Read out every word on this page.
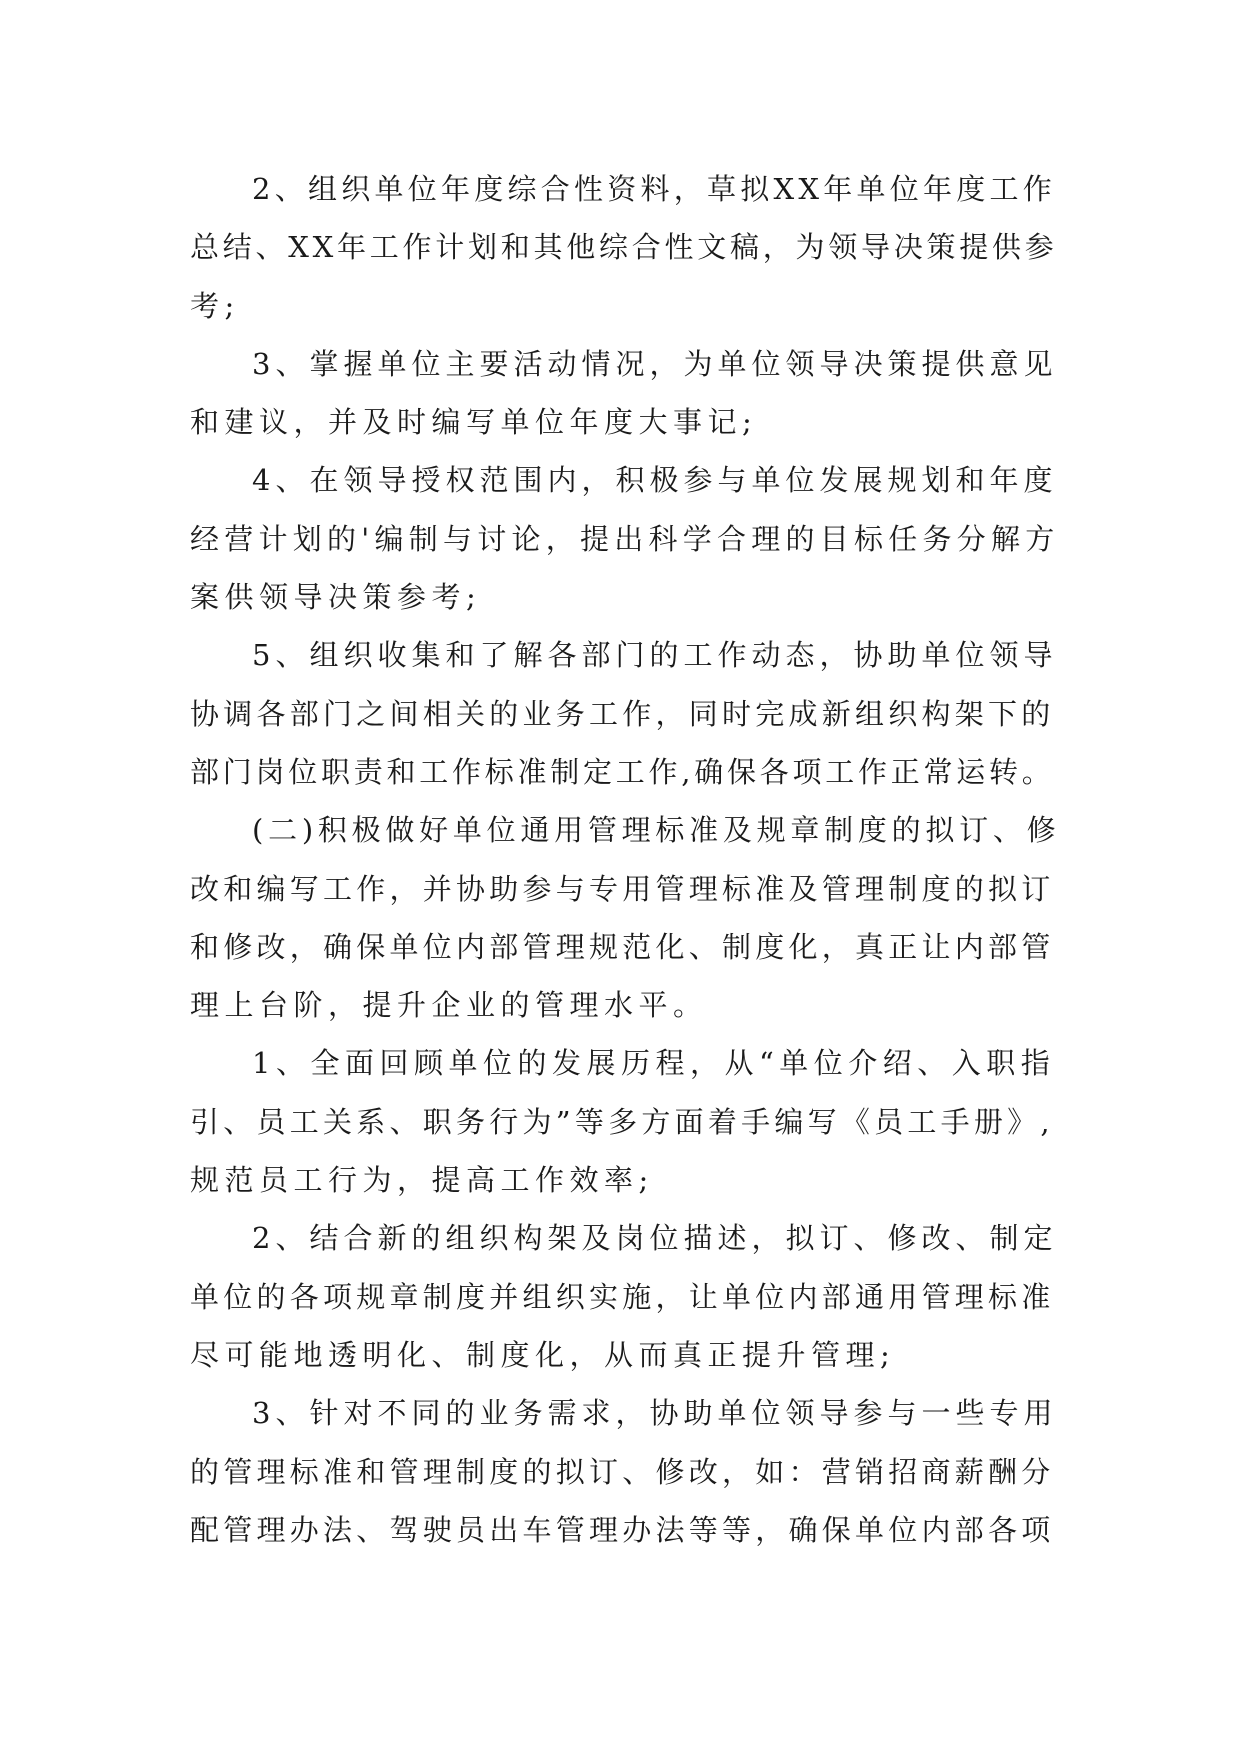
2、组织单位年度综合性资料，草拟XX年单位年度工作
总结、XX年工作计划和其他综合性文稿，为领导决策提供参
考;
3、掌握单位主要活动情况，为单位领导决策提供意见
和建议，并及时编写单位年度大事记;
4、在领导授权范围内，积极参与单位发展规划和年度
经营计划的'编制与讨论，提出科学合理的目标任务分解方
案供领导决策参考;
5、组织收集和了解各部门的工作动态，协助单位领导
协调各部门之间相关的业务工作，同时完成新组织构架下的
部门岗位职责和工作标准制定工作,确保各项工作正常运转。
(二)积极做好单位通用管理标准及规章制度的拟订、修
改和编写工作，并协助参与专用管理标准及管理制度的拟订
和修改，确保单位内部管理规范化、制度化，真正让内部管
理上台阶，提升企业的管理水平。
1、全面回顾单位的发展历程，从“单位介绍、入职指
引、员工关系、职务行为”等多方面着手编写《员工手册》,
规范员工行为，提高工作效率;
2、结合新的组织构架及岗位描述，拟订、修改、制定
单位的各项规章制度并组织实施，让单位内部通用管理标准
尽可能地透明化、制度化，从而真正提升管理;
3、针对不同的业务需求，协助单位领导参与一些专用
的管理标准和管理制度的拟订、修改，如：营销招商薪酬分
配管理办法、驾驶员出车管理办法等等，确保单位内部各项
